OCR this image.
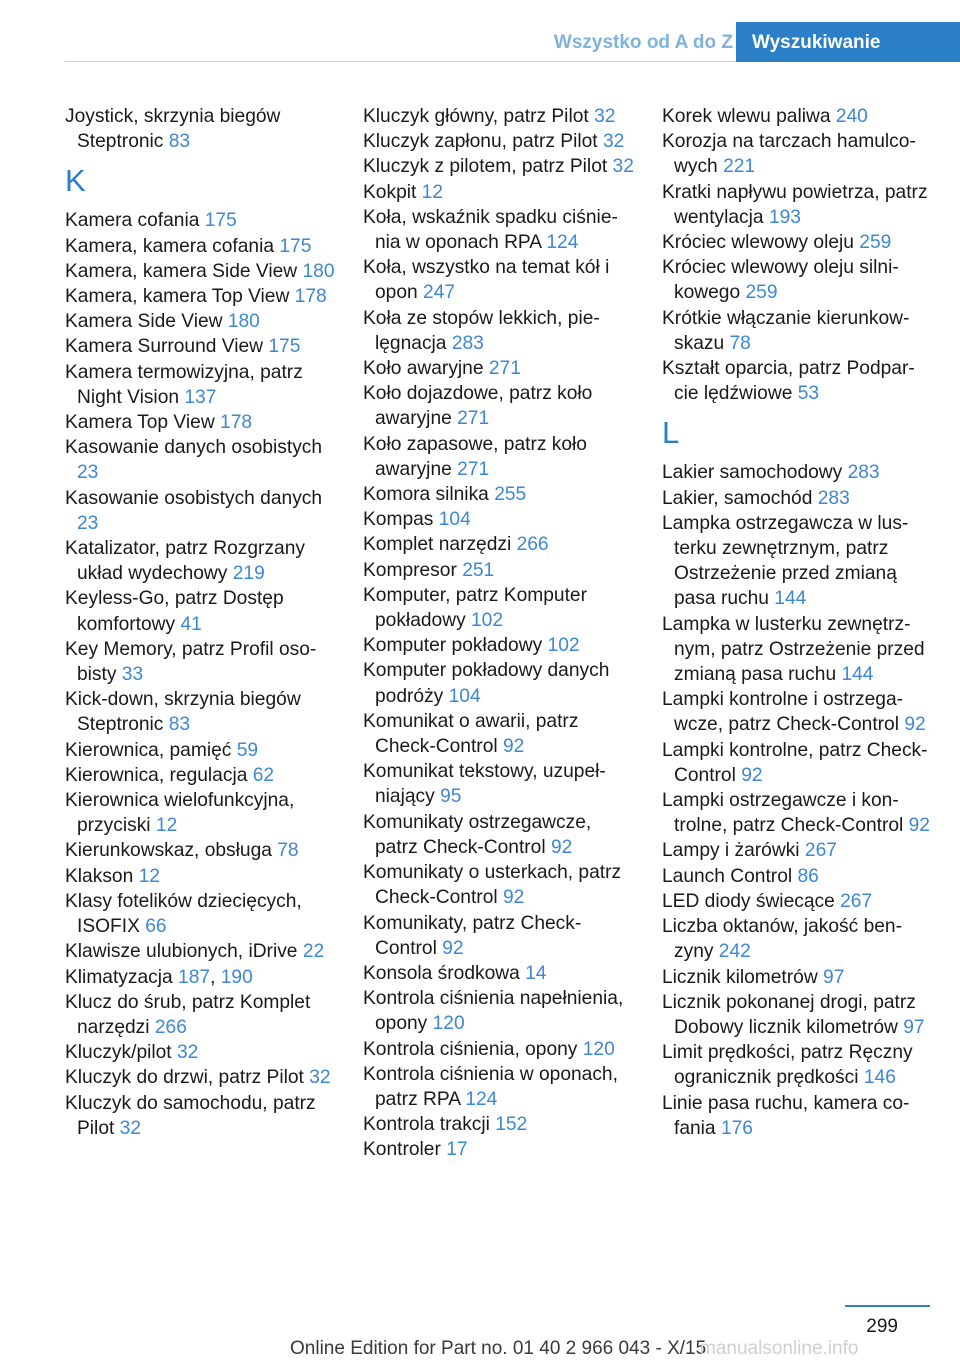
Wszystko od A do Z	Wyszukiwanie
Joystick, skrzynia biegów Steptronic 83
K
Kamera cofania 175
Kamera, kamera cofania 175
Kamera, kamera Side View 180
Kamera, kamera Top View 178
Kamera Side View 180
Kamera Surround View 175
Kamera termowizyjna, patrz Night Vision 137
Kamera Top View 178
Kasowanie danych osobistych 23
Kasowanie osobistych danych 23
Katalizator, patrz Rozgrzany układ wydechowy 219
Keyless-Go, patrz Dostęp komfortowy 41
Key Memory, patrz Profil osobisty 33
Kick-down, skrzynia biegów Steptronic 83
Kierownica, pamięć 59
Kierownica, regulacja 62
Kierownica wielofunkcyjna, przyciski 12
Kierunkowskaz, obsługa 78
Klakson 12
Klasy fotelików dziecięcych, ISOFIX 66
Klawisze ulubionych, iDrive 22
Klimatyzacja 187, 190
Klucz do śrub, patrz Komplet narzędzi 266
Kluczyk/pilot 32
Kluczyk do drzwi, patrz Pilot 32
Kluczyk do samochodu, patrz Pilot 32
Kluczyk główny, patrz Pilot 32
Kluczyk zapłonu, patrz Pilot 32
Kluczyk z pilotem, patrz Pilot 32
Kokpit 12
Koła, wskaźnik spadku ciśnienia w oponach RPA 124
Koła, wszystko na temat kół i opon 247
Koła ze stopów lekkich, pielęgnacja 283
Koło awaryjne 271
Koło dojazdowe, patrz koło awaryjne 271
Koło zapasowe, patrz koło awaryjne 271
Komora silnika 255
Kompas 104
Komplet narzędzi 266
Kompresor 251
Komputer, patrz Komputer pokładowy 102
Komputer pokładowy 102
Komputer pokładowy danych podróży 104
Komunikat o awarii, patrz Check-Control 92
Komunikat tekstowy, uzupełniający 95
Komunikaty ostrzegawcze, patrz Check-Control 92
Komunikaty o usterkach, patrz Check-Control 92
Komunikaty, patrz Check-Control 92
Konsola środkowa 14
Kontrola ciśnienia napełnienia, opony 120
Kontrola ciśnienia, opony 120
Kontrola ciśnienia w oponach, patrz RPA 124
Kontrola trakcji 152
Kontroler 17
Korek wlewu paliwa 240
Korozja na tarczach hamulcowych 221
Kratki napływu powietrza, patrz wentylacja 193
Króciec wlewowy oleju 259
Króciec wlewowy oleju silnikowego 259
Krótkie włączanie kierunkowskazu 78
Kształt oparcia, patrz Podparcie lędźwiowe 53
L
Lakier samochodowy 283
Lakier, samochód 283
Lampka ostrzegawcza w lusterku zewnętrznym, patrz Ostrzeżenie przed zmianą pasa ruchu 144
Lampka w lusterku zewnętrznym, patrz Ostrzeżenie przed zmianą pasa ruchu 144
Lampki kontrolne i ostrzegawcze, patrz Check-Control 92
Lampki kontrolne, patrz Check-Control 92
Lampki ostrzegawcze i kontrolne, patrz Check-Control 92
Lampy i żarówki 267
Launch Control 86
LED diody świecące 267
Liczba oktanów, jakość benzyny 242
Licznik kilometrów 97
Licznik pokonanej drogi, patrz Dobowy licznik kilometrów 97
Limit prędkości, patrz Ręczny ogranicznik prędkości 146
Linie pasa ruchu, kamera cofania 176
299
Online Edition for Part no. 01 40 2 966 043 - X/15
manualsonline.info
